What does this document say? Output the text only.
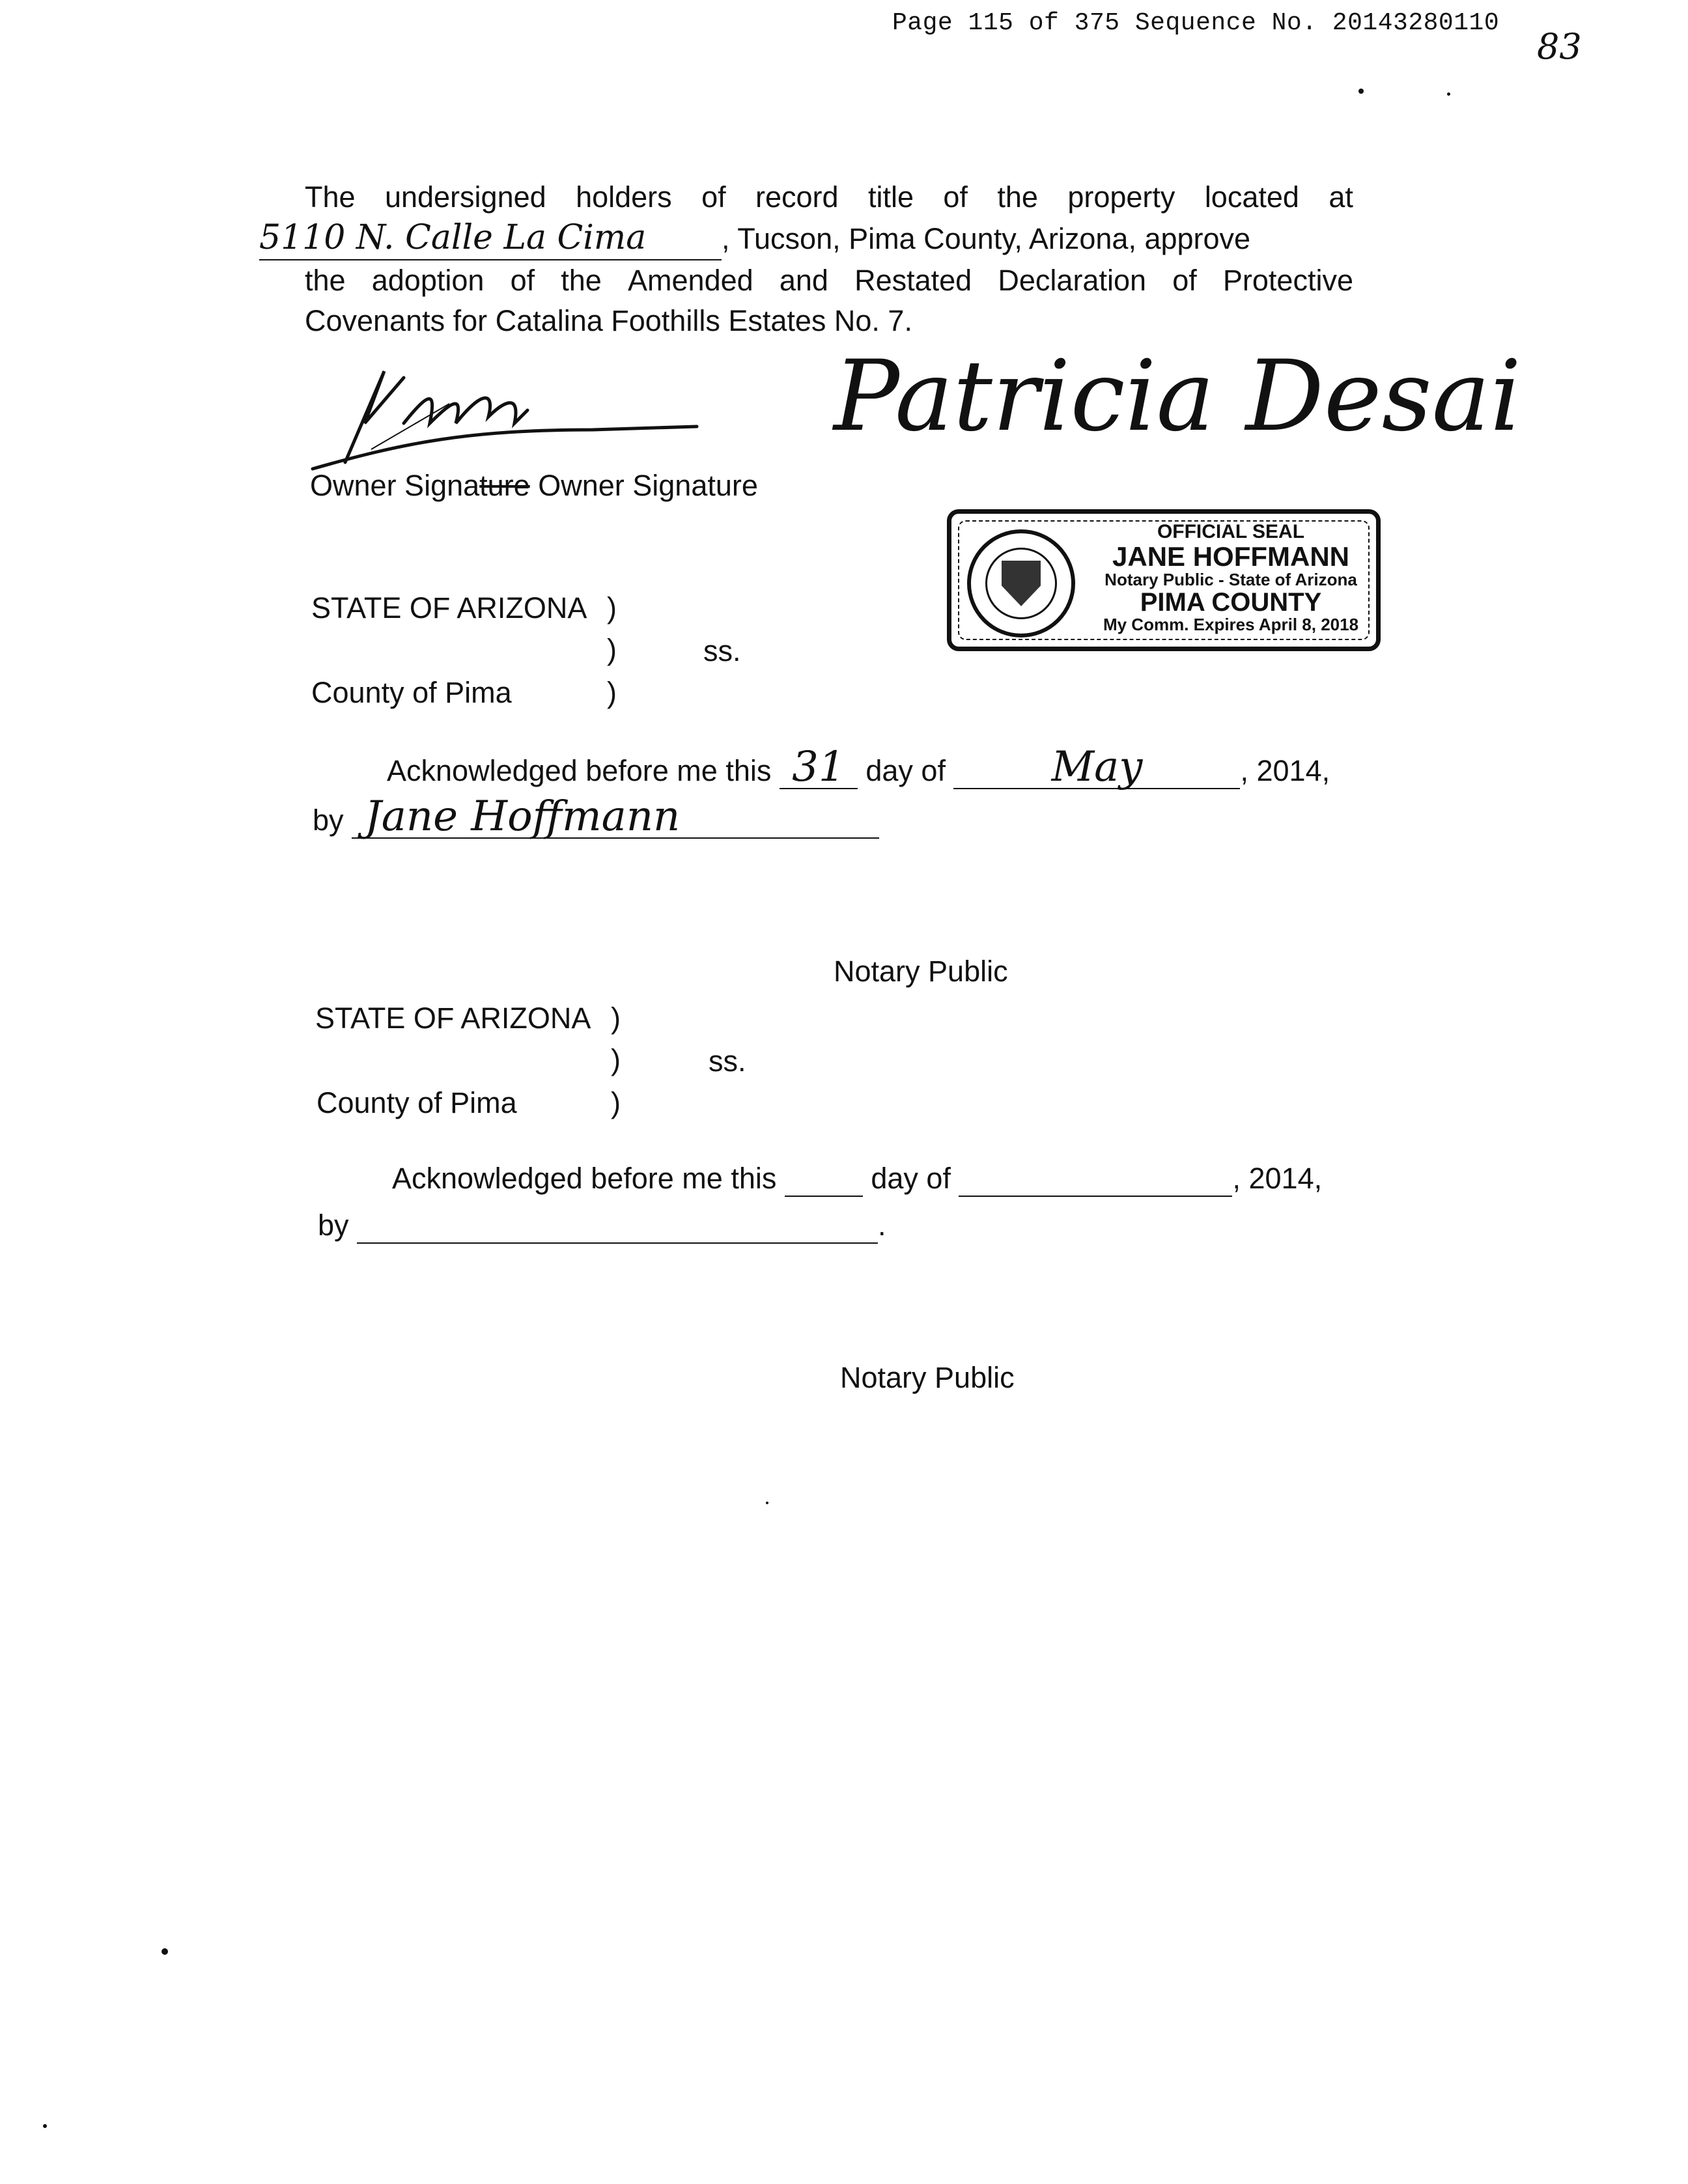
Page 115 of 375 Sequence No. 20143280110
83
The undersigned holders of record title of the property located at
5110 N. Calle La Cima	, Tucson, Pima County, Arizona, approve
the adoption of the Amended and Restated Declaration of Protective
Covenants for Catalina Foothills Estates No. 7.
Patricia Desai
Owner Signature Owner Signature
OFFICIAL SEAL
JANE HOFFMANN
Notary Public - State of Arizona
PIMA COUNTY
My Comm. Expires April 8, 2018
STATE OF ARIZONA )
)	ss.
County of Pima	)
Acknowledged before me this 31 day of	May	, 2014,
by Jane Hoffmann
Notary Public
STATE OF ARIZONA )
)	ss.
County of Pima	)
Acknowledged before me this	day of	, 2014,
by	.
Notary Public
